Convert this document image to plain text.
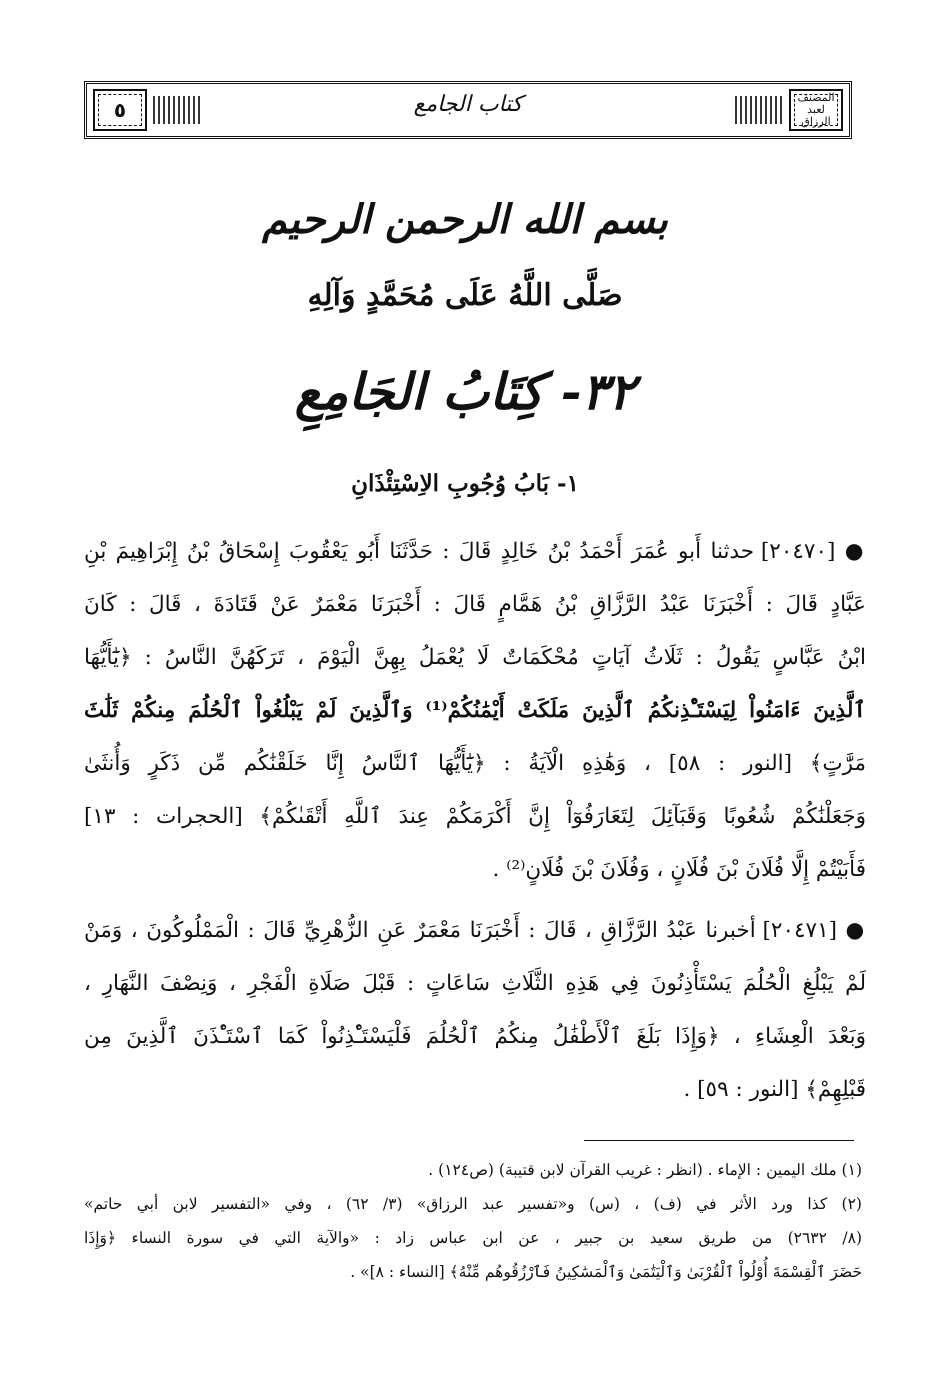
المصنف لعبد الرزاق
كتاب الجامع
٥
بسم الله الرحمن الرحيم
صَلَّى اللَّهُ عَلَى مُحَمَّدٍ وَآلِهِ
٣٢- كِتَابُ الجَامِعِ
١- بَابُ وُجُوبِ الاِسْتِئْذَانِ
● [٢٠٤٧٠] حدثنا أَبو عُمَرَ أَحْمَدُ بْنُ خَالِدٍ قَالَ : حَدَّثَنَا أَبُو يَعْقُوبَ إِسْحَاقُ بْنُ إِبْرَاهِيمَ بْنِ
عَبَّادٍ قَالَ : أَخْبَرَنَا عَبْدُ الرَّزَّاقِ بْنُ هَمَّامٍ قَالَ : أَخْبَرَنَا مَعْمَرٌ عَنْ قَتَادَةَ ، قَالَ : كَانَ
ابْنُ عَبَّاسٍ يَقُولُ : ثَلَاثُ آيَاتٍ مُحْكَمَاتٌ لَا يُعْمَلُ بِهِنَّ الْيَوْمَ ، تَرَكَهُنَّ النَّاسُ : ﴿يَٰٓأَيُّهَا
ٱلَّذِينَ ءَامَنُواْ لِيَسْتَـْٔذِنكُمُ ٱلَّذِينَ مَلَكَتْ أَيْمَٰنُكُمْ⁽¹⁾ وَٱلَّذِينَ لَمْ يَبْلُغُواْ ٱلْحُلُمَ مِنكُمْ ثَلَٰثَ
مَرَّٰتٍ﴾ [النور : ٥٨] ، وَهَٰذِهِ الْآيَةُ : ﴿يَٰٓأَيُّهَا ٱلنَّاسُ إِنَّا خَلَقْنَٰكُم مِّن ذَكَرٍ وَأُنثَىٰ
وَجَعَلْنَٰكُمْ شُعُوبًا وَقَبَآئِلَ لِتَعَارَفُوٓاْ إِنَّ أَكْرَمَكُمْ عِندَ ٱللَّهِ أَتْقَىٰكُمْ﴾ [الحجرات : ١٣]
فَأَبَيْتُمْ إِلَّا فُلَانَ بْنَ فُلَانٍ ، وَفُلَانَ بْنَ فُلَانٍ⁽²⁾ .
● [٢٠٤٧١] أخبرنا عَبْدُ الرَّزَّاقِ ، قَالَ : أَخْبَرَنَا مَعْمَرٌ عَنِ الزُّهْرِيِّ قَالَ : الْمَمْلُوكُونَ ، وَمَنْ
لَمْ يَبْلُغِ الْحُلُمَ يَسْتَأْذِنُونَ فِي هَذِهِ الثَّلَاثِ سَاعَاتٍ : قَبْلَ صَلَاةِ الْفَجْرِ ، وَنِصْفَ النَّهَارِ ،
وَبَعْدَ الْعِشَاءِ ، ﴿وَإِذَا بَلَغَ ٱلْأَطْفَٰلُ مِنكُمُ ٱلْحُلُمَ فَلْيَسْتَـْٔذِنُواْ كَمَا ٱسْتَـْٔذَنَ ٱلَّذِينَ مِن
قَبْلِهِمْ﴾ [النور : ٥٩] .
(١) ملك اليمين : الإماء . (انظر : غريب القرآن لابن قتيبة) (ص١٢٤) .
(٢) كذا ورد الأثر في (ف) ، (س) و«تفسير عبد الرزاق» (٣/ ٦٢) ، وفي «التفسير لابن أبي حاتم»
(٨/ ٢٦٣٢) من طريق سعيد بن جبير ، عن ابن عباس زاد : «والآية التي في سورة النساء ﴿وَإِذَا
حَضَرَ ٱلْقِسْمَةَ أُوْلُواْ ٱلْقُرْبَىٰ وَٱلْيَتَٰمَىٰ وَٱلْمَسَٰكِينُ فَٱرْزُقُوهُم مِّنْهُ﴾ [النساء : ٨]» .
